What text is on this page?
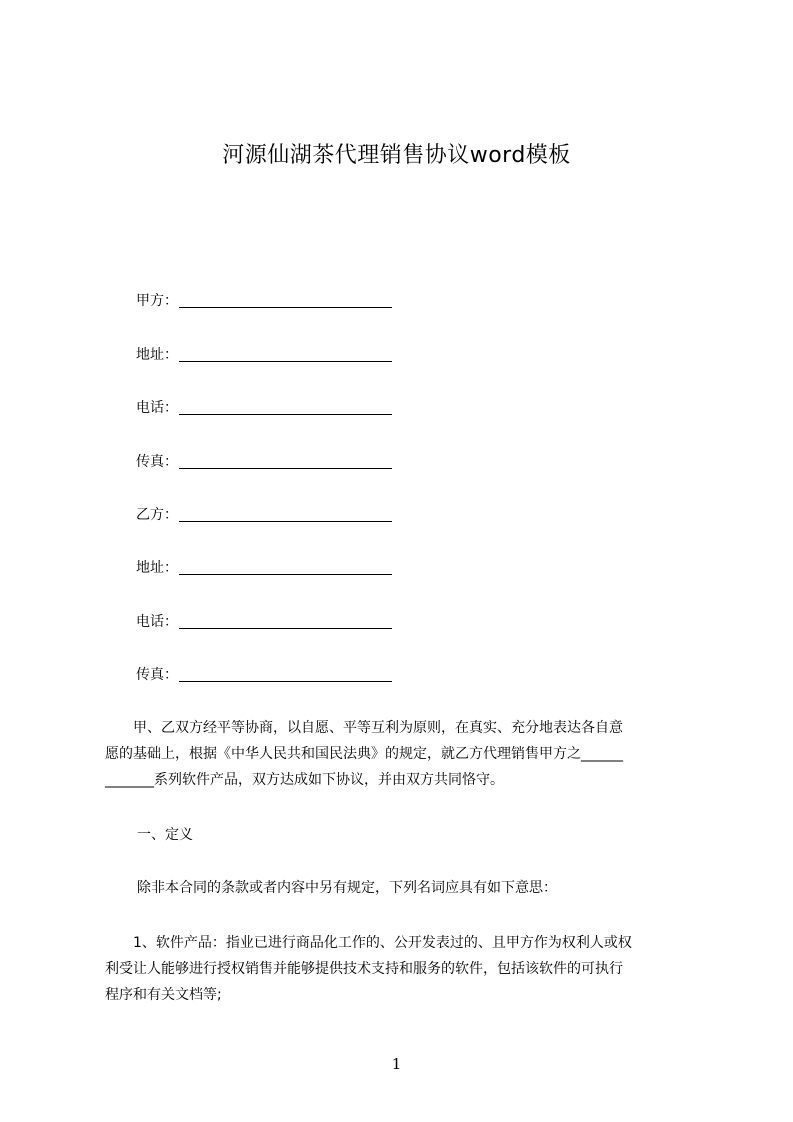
河源仙湖茶代理销售协议word模板
甲方：
地址：
电话：
传真：
乙方：
地址：
电话：
传真：

　　甲、乙双方经平等协商，以自愿、平等互利为原则，在真实、充分地表达各自意

愿的基础上，根据《中华人民共和国民法典》的规定，就乙方代理销售甲方之______

_______系列软件产品，双方达成如下协议，并由双方共同恪守。

一、定义
除非本合同的条款或者内容中另有规定，下列名词应具有如下意思：

　　1、软件产品：指业已进行商品化工作的、公开发表过的、且甲方作为权利人或权

利受让人能够进行授权销售并能够提供技术支持和服务的软件，包括该软件的可执行

程序和有关文档等;

1
